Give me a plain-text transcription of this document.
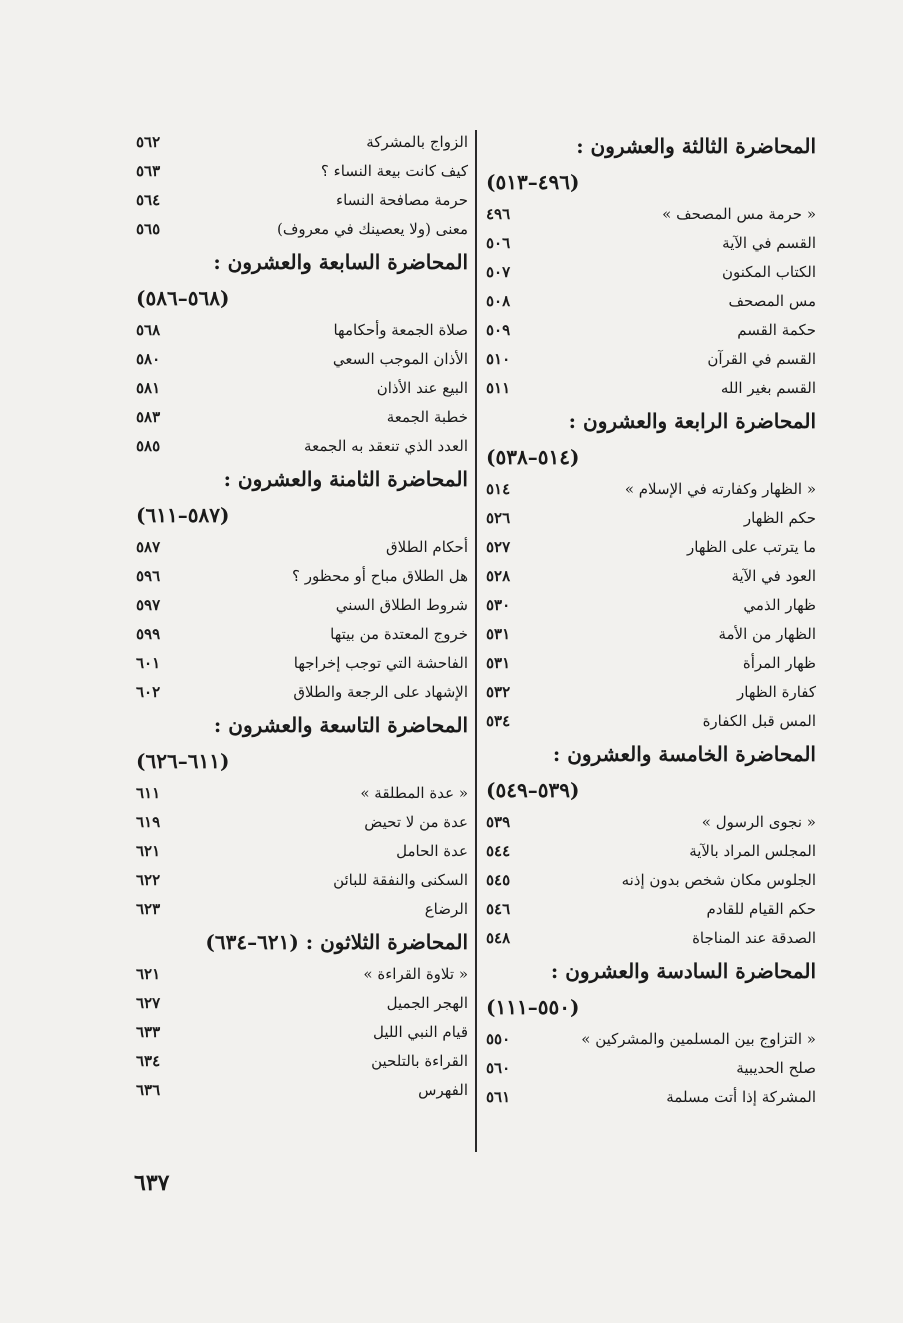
المحاضرة الثالثة والعشرون :
(٤٩٦–٥١٣)
« حرمة مس المصحف »
٤٩٦
القسم في الآية
٥٠٦
الكتاب المكنون
٥٠٧
مس المصحف
٥٠٨
حكمة القسم
٥٠٩
القسم في القرآن
٥١٠
القسم بغير الله
٥١١
المحاضرة الرابعة والعشرون :
(٥١٤–٥٣٨)
« الظهار وكفارته في الإسلام »
٥١٤
حكم الظهار
٥٢٦
ما يترتب على الظهار
٥٢٧
العود في الآية
٥٢٨
ظهار الذمي
٥٣٠
الظهار من الأمة
٥٣١
ظهار المرأة
٥٣١
كفارة الظهار
٥٣٢
المس قبل الكفارة
٥٣٤
المحاضرة الخامسة والعشرون :
(٥٣٩–٥٤٩)
« نجوى الرسول »
٥٣٩
المجلس المراد بالآية
٥٤٤
الجلوس مكان شخص بدون إذنه
٥٤٥
حكم القيام للقادم
٥٤٦
الصدقة عند المناجاة
٥٤٨
المحاضرة السادسة والعشرون :
(٥٥٠–١١١)
« التزاوج بين المسلمين والمشركين »
٥٥٠
صلح الحديبية
٥٦٠
المشركة إذا أتت مسلمة
٥٦١
الزواج بالمشركة
٥٦٢
كيف كانت بيعة النساء ؟
٥٦٣
حرمة مصافحة النساء
٥٦٤
معنى (ولا يعصينك في معروف)
٥٦٥
المحاضرة السابعة والعشرون :
(٥٦٨–٥٨٦)
صلاة الجمعة وأحكامها
٥٦٨
الأذان الموجب السعي
٥٨٠
البيع عند الأذان
٥٨١
خطبة الجمعة
٥٨٣
العدد الذي تنعقد به الجمعة
٥٨٥
المحاضرة الثامنة والعشرون :
(٥٨٧–٦١١)
أحكام الطلاق
٥٨٧
هل الطلاق مباح أو محظور ؟
٥٩٦
شروط الطلاق السني
٥٩٧
خروج المعتدة من بيتها
٥٩٩
الفاحشة التي توجب إخراجها
٦٠١
الإشهاد على الرجعة والطلاق
٦٠٢
المحاضرة التاسعة والعشرون :
(٦١١–٦٢٦)
« عدة المطلقة »
٦١١
عدة من لا تحيض
٦١٩
عدة الحامل
٦٢١
السكنى والنفقة للبائن
٦٢٢
الرضاع
٦٢٣
المحاضرة الثلاثون : (٦٢١–٦٣٤)
« تلاوة القراءة »
٦٢١
الهجر الجميل
٦٢٧
قيام النبي الليل
٦٣٣
القراءة بالتلحين
٦٣٤
الفهرس
٦٣٦
٦٣٧
